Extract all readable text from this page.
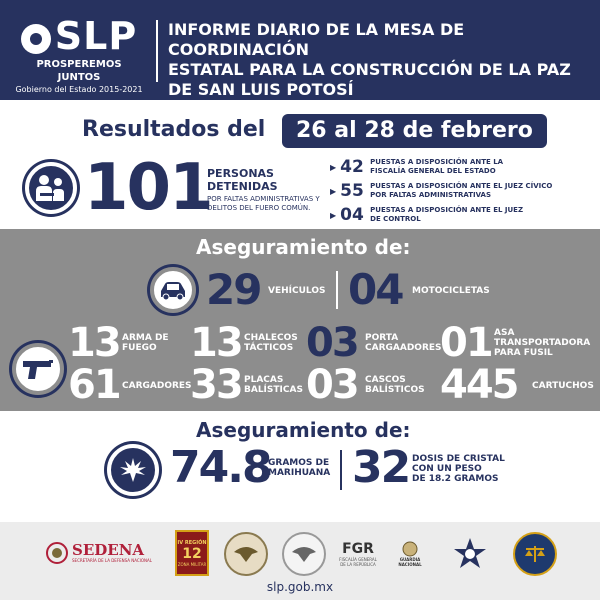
SLP
PROSPEREMOS JUNTOS
Gobierno del Estado 2015-2021
INFORME DIARIO DE LA MESA DE COORDINACIÓN
ESTATAL PARA LA CONSTRUCCIÓN DE LA PAZ
DE SAN LUIS POTOSÍ
Resultados del	26 al 28 de febrero
101
PERSONAS
DETENIDAS
POR FALTAS ADMINISTRATIVAS Y
DELITOS DEL FUERO COMÚN.
▶ 42 PUESTAS A DISPOSICIÓN ANTE LA
FISCALÍA GENERAL DEL ESTADO
▶ 55 PUESTAS A DISPOSICIÓN ANTE EL JUEZ CÍVICO
POR FALTAS ADMINISTRATIVAS
▶ 04 PUESTAS A DISPOSICIÓN ANTE EL JUEZ
DE CONTROL
Aseguramiento de:
29 VEHÍCULOS 04 MOTOCICLETAS
13 ARMA DE
FUEGO 13 CHALECOS
TÁCTICOS 03 PORTA
CARGAADORES
01 ASA
TRANSPORTADORA
PARA FUSIL
61 CARGADORES
33 PLACAS
BALÍSTICAS 03 CASCOS
BALÍSTICOS 445 CARTUCHOS
Aseguramiento de:
74.8
GRAMOS DE
MARIHUANA 32 DOSIS DE CRISTAL
CON UN PESO
DE 18.2 GRAMOS
SEDENA
SECRETARÍA DE LA DEFENSA NACIONAL
IV REGIÓN
12
ZONA MILITAR
FGR
FISCALÍA GENERAL
DE LA REPÚBLICA
GUARDIA
NACIONAL
slp.gob.mx
